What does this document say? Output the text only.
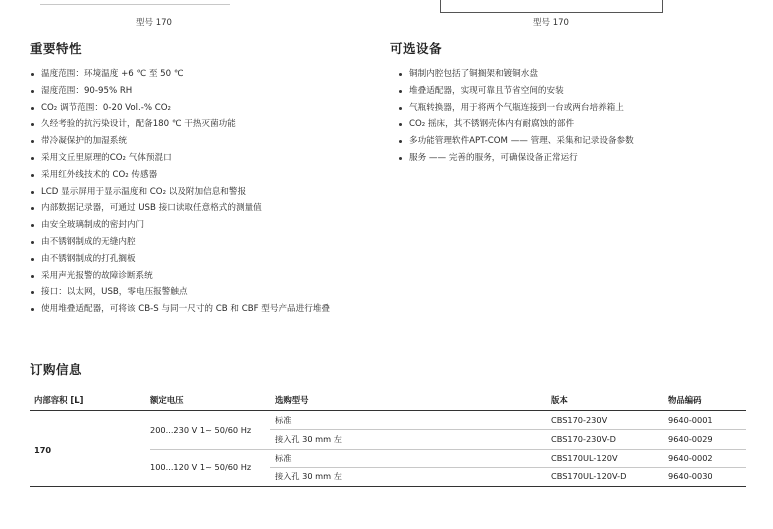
型号 170	型号 170
重要特性
温度范围：环境温度 +6 ℃ 至 50 ℃
湿度范围：90-95% RH
CO₂ 调节范围：0-20 Vol.-% CO₂
久经考验的抗污染设计，配备180 ℃ 干热灭菌功能
带冷凝保护的加湿系统
采用文丘里原理的CO₂ 气体预混口
采用红外线技术的 CO₂ 传感器
LCD 显示屏用于显示温度和 CO₂ 以及附加信息和警报
内部数据记录器，可通过 USB 接口读取任意格式的测量值
由安全玻璃制成的密封内门
由不锈钢制成的无缝内腔
由不锈钢制成的打孔搁板
采用声光报警的故障诊断系统
接口：以太网，USB，零电压报警触点
使用堆叠适配器，可将该 CB-S 与同一尺寸的 CB 和 CBF 型号产品进行堆叠
可选设备
铜制内腔包括了铜搁架和镀铜水盘
堆叠适配器，实现可靠且节省空间的安装
气瓶转换器，用于将两个气瓶连接到一台或两台培养箱上
CO₂ 摇床，其不锈钢壳体内有耐腐蚀的部件
多功能管理软件APT-COM —— 管理、采集和记录设备参数
服务 —— 完善的服务，可确保设备正常运行
订购信息
内部容积 [L]	额定电压	选购型号	版本	物品编码
170
200...230 V 1~ 50/60 Hz
标准	CBS170-230V	9640-0001
接入孔 30 mm 左	CBS170-230V-D	9640-0029
100...120 V 1~ 50/60 Hz
标准	CBS170UL-120V	9640-0002
接入孔 30 mm 左	CBS170UL-120V-D	9640-0030
